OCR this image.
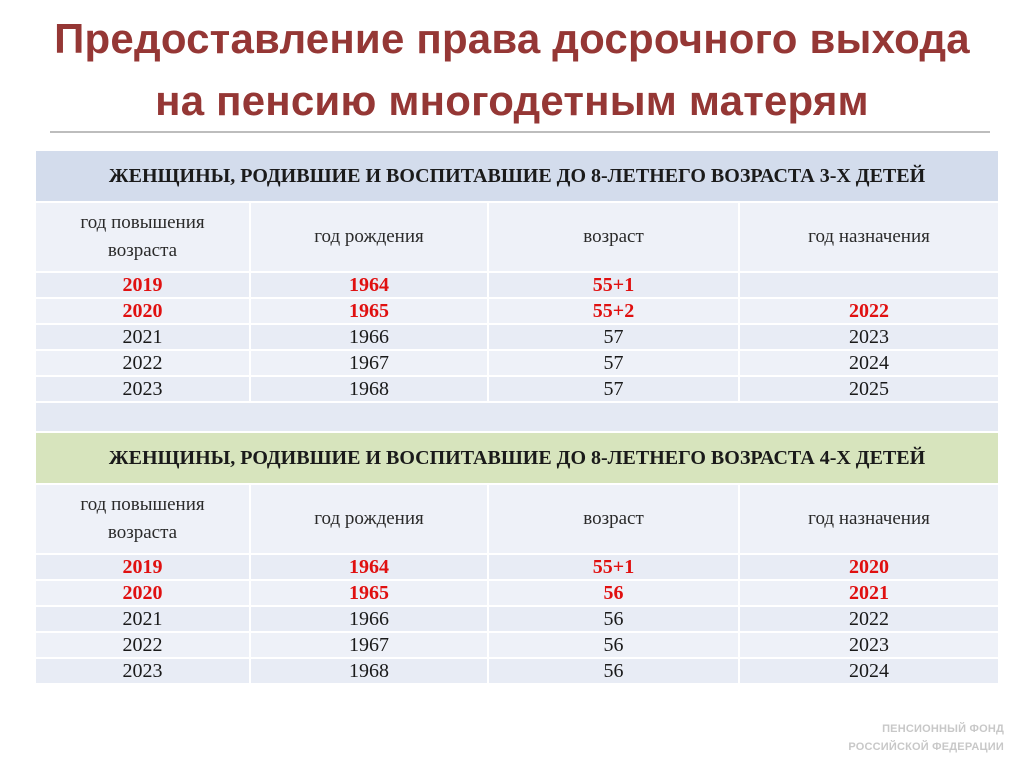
Предоставление права досрочного выхода
на пенсию многодетным матерям
ЖЕНЩИНЫ, РОДИВШИЕ И ВОСПИТАВШИЕ ДО 8-ЛЕТНЕГО ВОЗРАСТА 3-Х ДЕТЕЙ			

год повышения
возраста	год рождения	возраст	год назначения
2019	1964	55+1	
2020	1965	55+2	2022
2021	1966	57	2023
2022	1967	57	2024
2023	1968	57	2025

ЖЕНЩИНЫ, РОДИВШИЕ И ВОСПИТАВШИЕ ДО 8-ЛЕТНЕГО ВОЗРАСТА 4-Х ДЕТЕЙ			

год повышения
возраста	год рождения	возраст	год назначения
2019	1964	55+1	2020
2020	1965	56	2021
2021	1966	56	2022
2022	1967	56	2023
2023	1968	56	2024
ПЕНСИОННЫЙ ФОНД
РОССИЙСКОЙ ФЕДЕРАЦИИ
